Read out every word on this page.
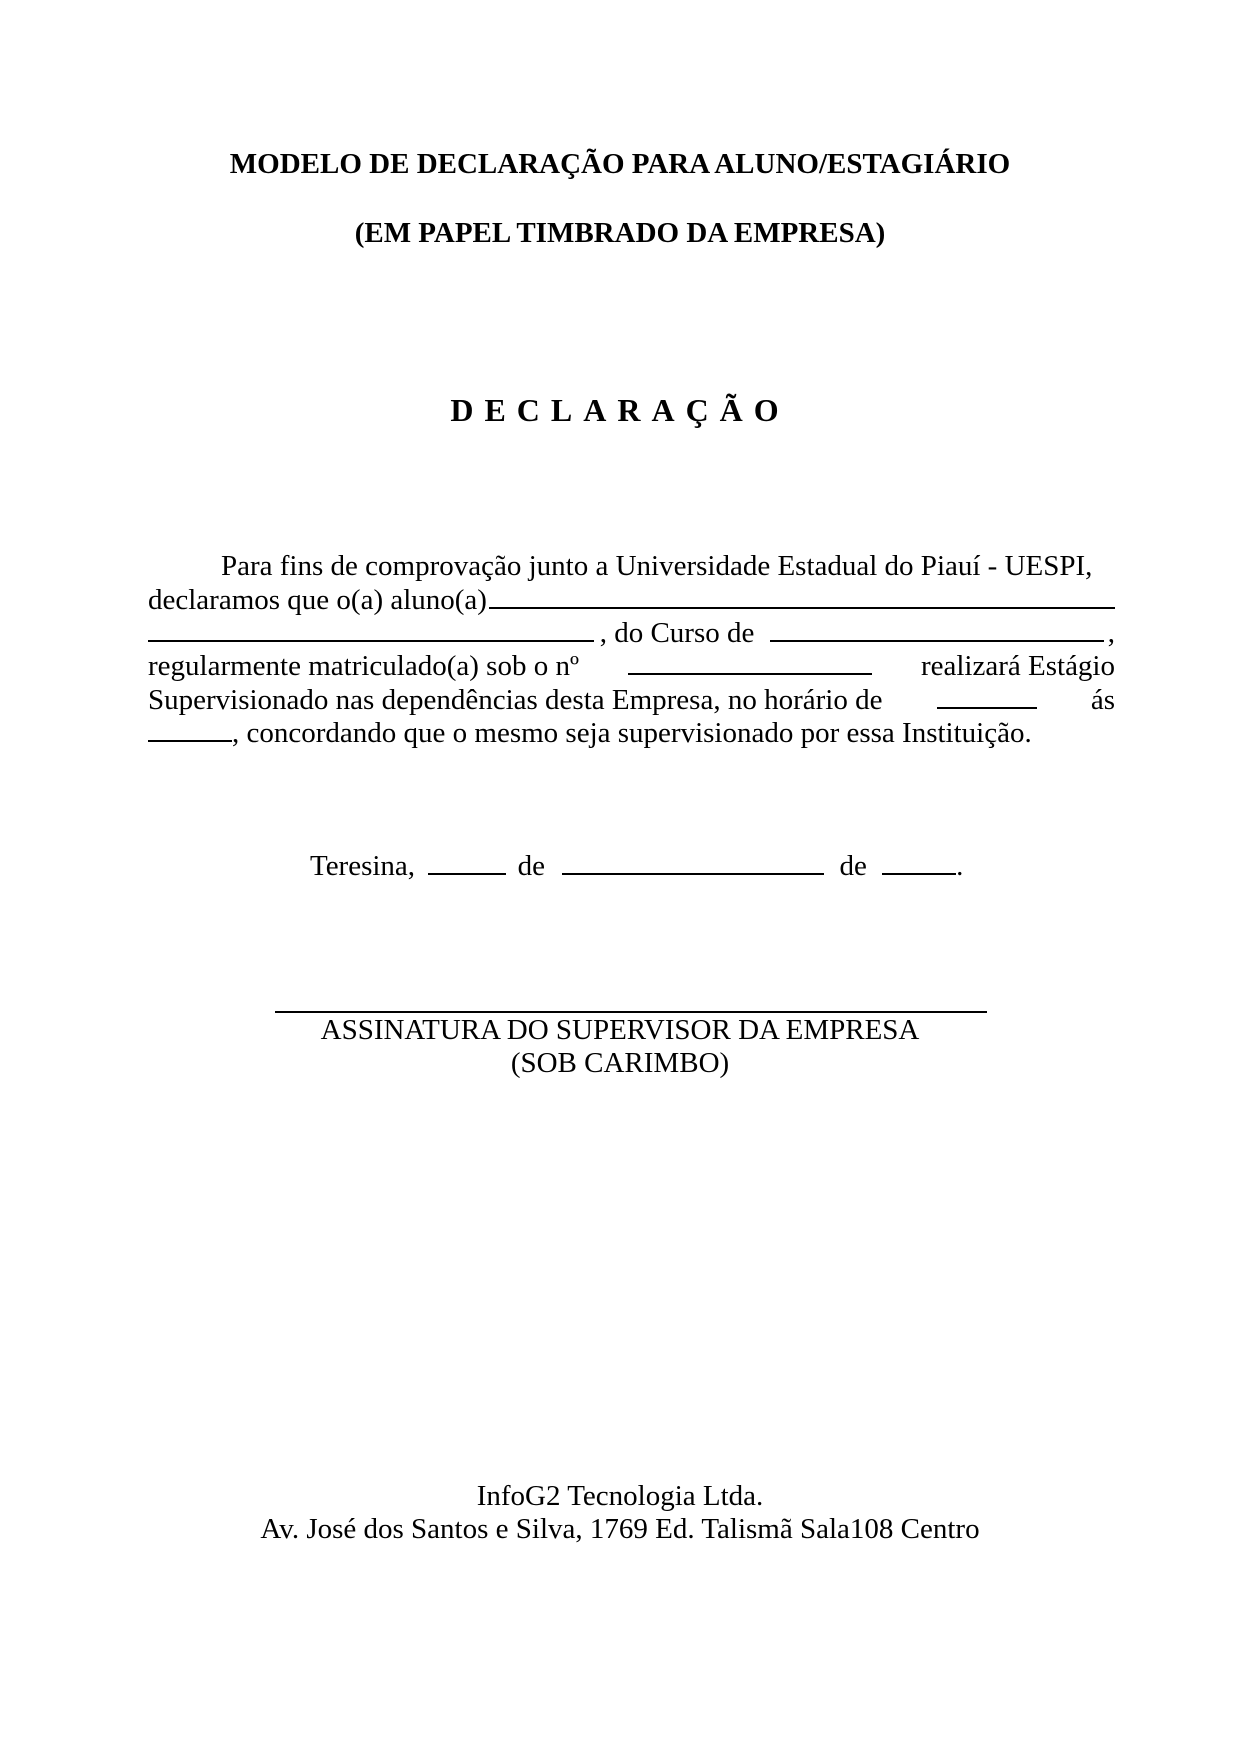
MODELO DE DECLARAÇÃO PARA ALUNO/ESTAGIÁRIO
(EM PAPEL TIMBRADO DA EMPRESA)
DECLARAÇÃO
Para fins de comprovação junto a Universidade Estadual do Piauí - UESPI,
declaramos que o(a) aluno(a)
, do Curso de	,
regularmente matriculado(a) sob o nº	realizará Estágio
Supervisionado nas dependências desta Empresa, no horário de	ás
, concordando que o mesmo seja supervisionado por essa Instituição.
Teresina,	de	de	.
ASSINATURA DO SUPERVISOR DA EMPRESA
(SOB CARIMBO)
InfoG2 Tecnologia Ltda.
Av. José dos Santos e Silva, 1769 Ed. Talismã Sala108 Centro
